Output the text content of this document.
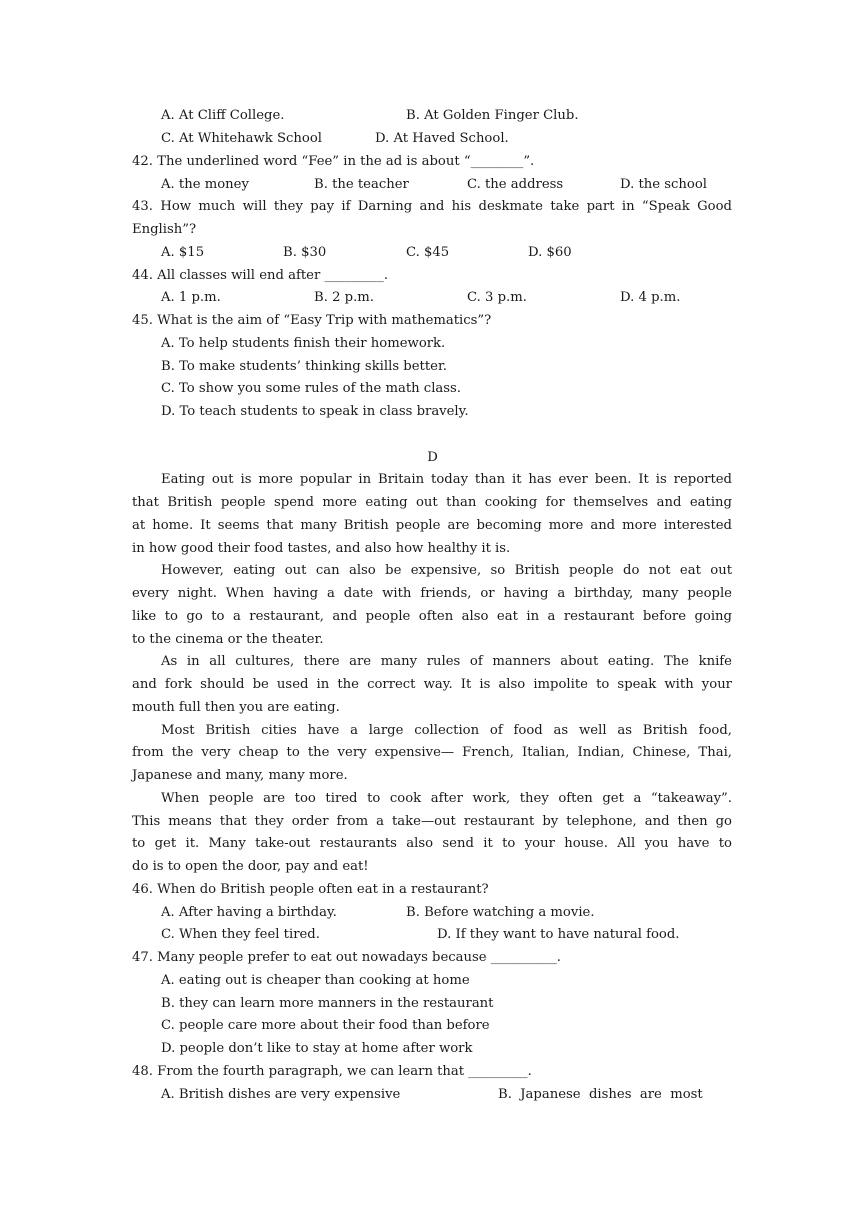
A. At Cliff College.	B. At Golden Finger Club.
C. At Whitehawk School	D. At Haved School.
42. The underlined word “Fee” in the ad is about “________”.
A. the money	B. the teacher	C. the address	D. the school
43. How much will they pay if Darning and his deskmate take part in “Speak Good
English”?
A. $15	B. $30	C. $45	D. $60
44. All classes will end after _________.
A. 1 p.m.	B. 2 p.m.	C. 3 p.m.	D. 4 p.m.
45. What is the aim of “Easy Trip with mathematics”?
A. To help students finish their homework.
B. To make students’ thinking skills better.
C. To show you some rules of the math class.
D. To teach students to speak in class bravely.
D
Eating out is more popular in Britain today than it has ever been. It is reported
that British people spend more eating out than cooking for themselves and eating
at home. It seems that many British people are becoming more and more interested
in how good their food tastes, and also how healthy it is.
However, eating out can also be expensive, so British people do not eat out
every night. When having a date with friends, or having a birthday, many people
like to go to a restaurant, and people often also eat in a restaurant before going
to the cinema or the theater.
As in all cultures, there are many rules of manners about eating. The knife
and fork should be used in the correct way. It is also impolite to speak with your
mouth full then you are eating.
Most British cities have a large collection of food as well as British food,
from the very cheap to the very expensive— French, Italian, Indian, Chinese, Thai,
Japanese and many, many more.
When people are too tired to cook after work, they often get a “takeaway”.
This means that they order from a take—out restaurant by telephone, and then go
to get it. Many take-out restaurants also send it to your house. All you have to
do is to open the door, pay and eat!
46. When do British people often eat in a restaurant?
A. After having a birthday.	B. Before watching a movie.
C. When they feel tired.	D. If they want to have natural food.
47. Many people prefer to eat out nowadays because __________.
A. eating out is cheaper than cooking at home
B. they can learn more manners in the restaurant
C. people care more about their food than before
D. people don’t like to stay at home after work
48. From the fourth paragraph, we can learn that _________.
A. British dishes are very expensive	B.  Japanese  dishes  are  most
